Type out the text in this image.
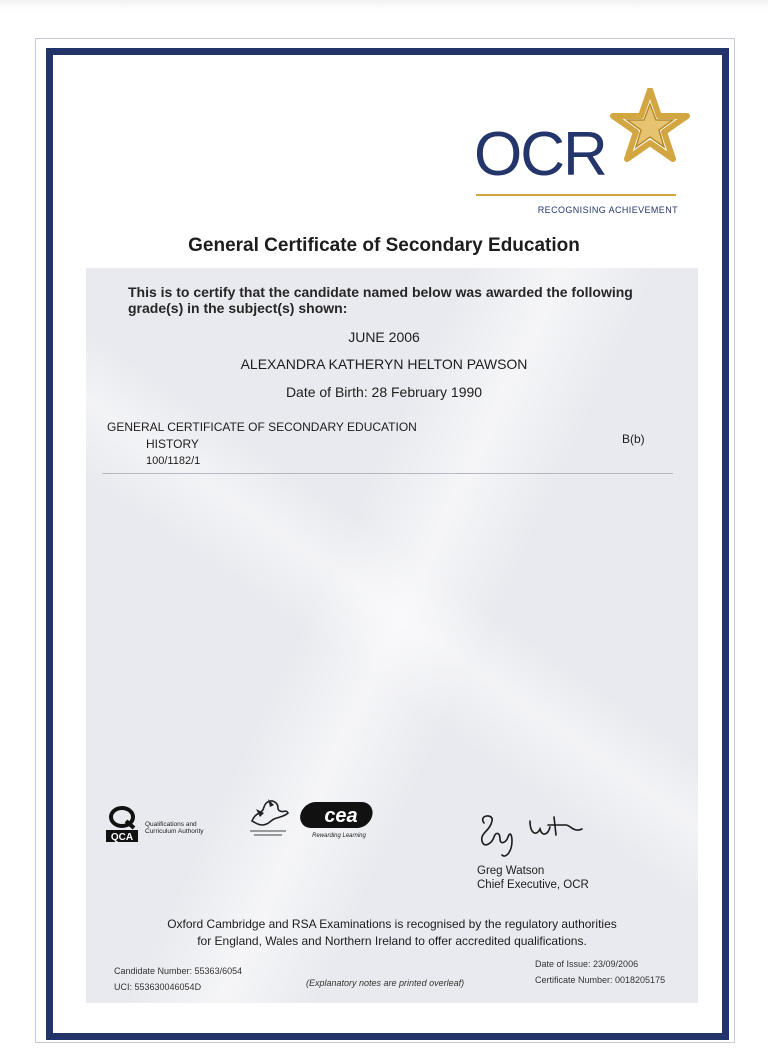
OCR
RECOGNISING ACHIEVEMENT
General Certificate of Secondary Education
This is to certify that the candidate named below was awarded the following grade(s) in the subject(s) shown:
JUNE 2006
ALEXANDRA KATHERYN HELTON PAWSON
Date of Birth: 28 February 1990
GENERAL CERTIFICATE OF SECONDARY EDUCATION
HISTORY
100/1182/1
B(b)
QCA
Qualifications and
Curriculum Authority
cea
Rewarding Learning
Greg Watson
Chief Executive, OCR
Oxford Cambridge and RSA Examinations is recognised by the regulatory authorities
for England, Wales and Northern Ireland to offer accredited qualifications.
Candidate Number: 55363/6054
UCI: 553630046054D	(Explanatory notes are printed overleaf)
Date of Issue: 23/09/2006
Certificate Number: 0018205175
